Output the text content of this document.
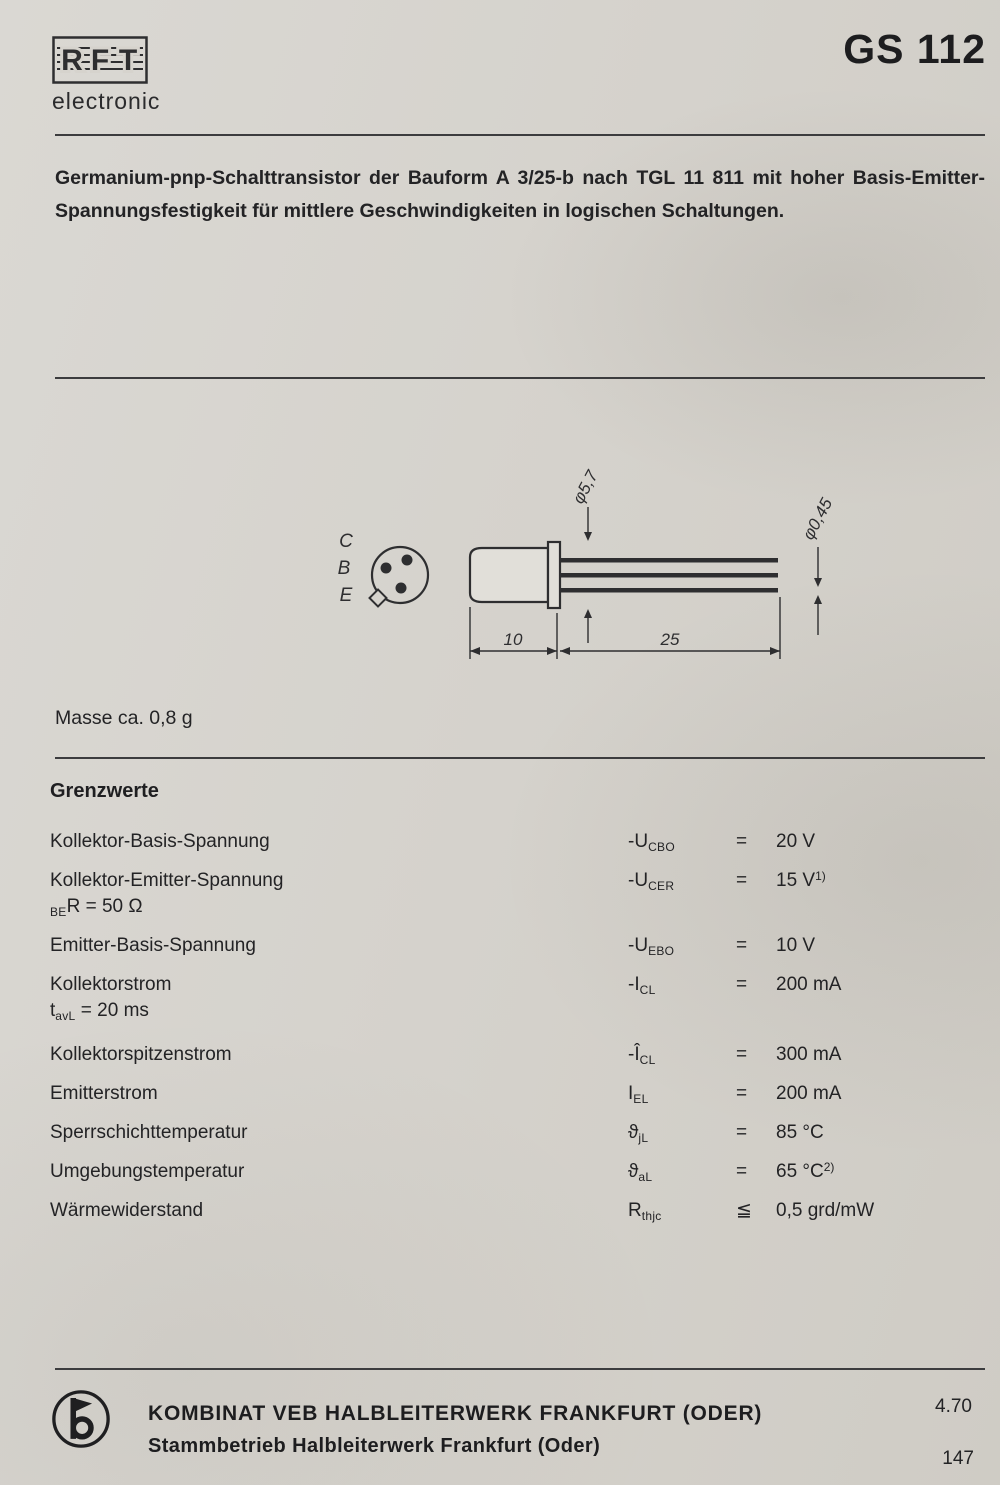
R F T
electronic
GS 112

Germanium-pnp-Schalttransistor der Bauform A 3/25-b nach TGL 11 811 mit hoher Basis-Emitter-Spannungsfestigkeit für mittlere Geschwindigkeiten in logischen Schaltungen.

C
B
E
φ5,7
φ0,45
10	25
Masse ca. 0,8 g
Grenzwerte
Kollektor-Basis-Spannung	$-U_{CBO}$	=	20 V
Kollektor-Emitter-Spannung
$_{BE}$R = 50 Ω
$-U_{CER}$	=	15 $V^{1)}$
Emitter-Basis-Spannung	$-U_{EBO}$	=	10 V
Kollektorstrom
$t_{avL} = 20$ ms
$-I_{CL}$	=	200 mA
Kollektorspitzenstrom	$-Î_{CL}$	=	300 mA
Emitterstrom	$I_{EL}$	=	200 mA
Sperrschichttemperatur	$ϑ_{jL}$	=	85 °C
Umgebungstemperatur	$ϑ_{aL}$	=	65 $^\circ C^{2)}$
Wärmewiderstand	$R_{thjc}$	≦	0,5 grd/mW
KOMBINAT VEB HALBLEITERWERK FRANKFURT (ODER)
Stammbetrieb Halbleiterwerk Frankfurt (Oder)
4.70
147
